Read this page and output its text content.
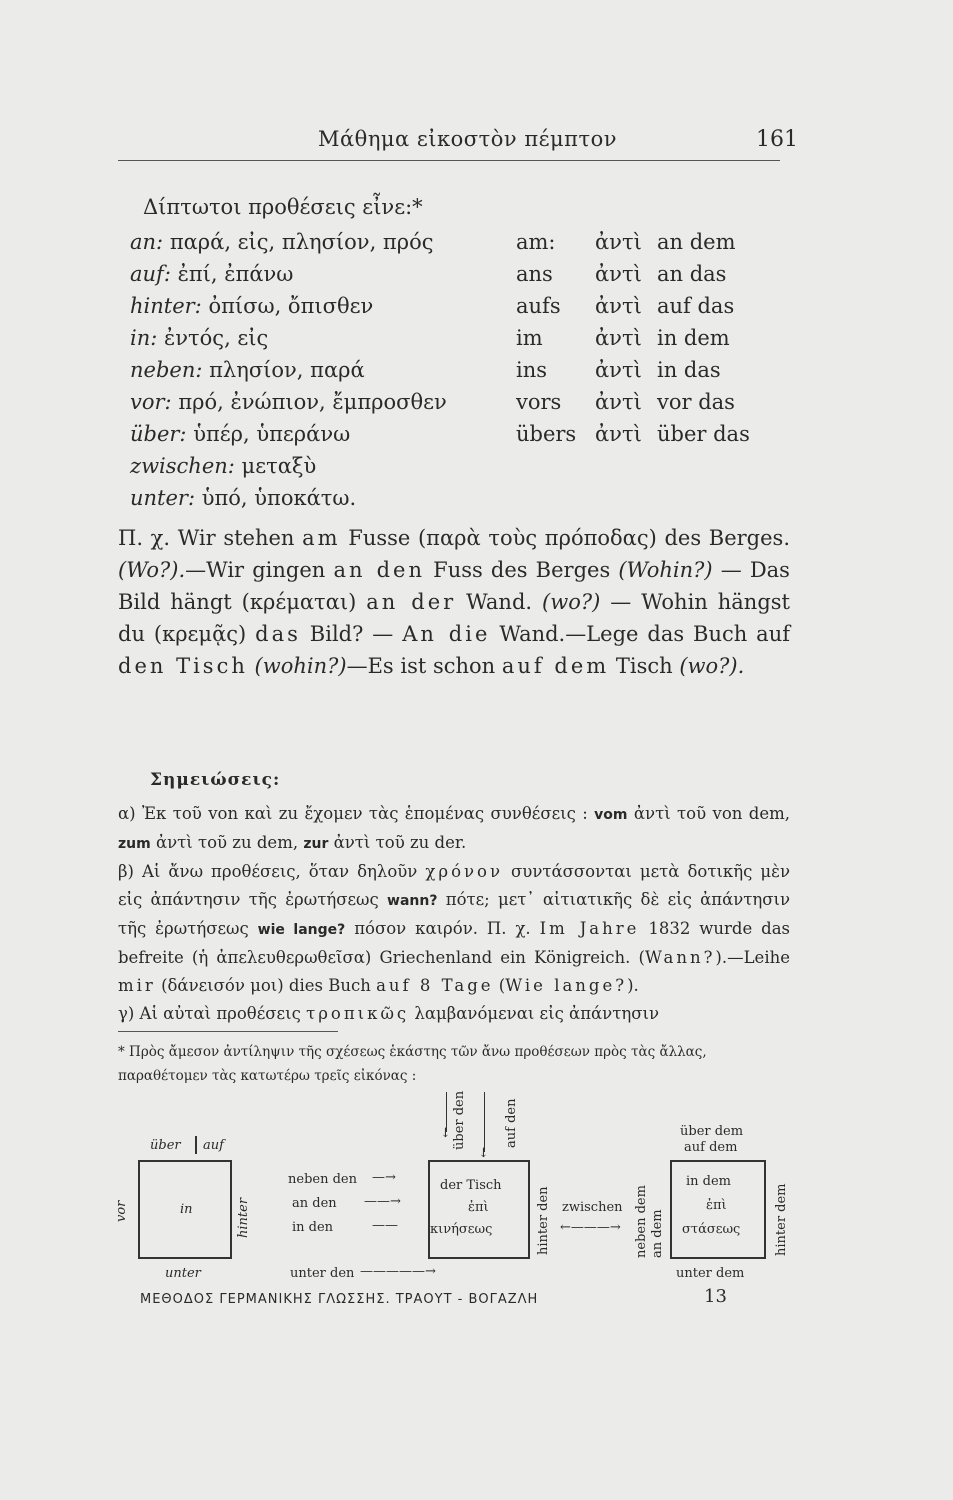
Μάθημα εἰκοστὸν πέμπτον	161
Δίπτωτοι προθέσεις εἶνε:*
an: παρά, εἰς, πλησίον, πρός	am: ἀντὶ an dem
auf: ἐπί, ἐπάνω	ans ἀντὶ an das
hinter: ὀπίσω, ὄπισθεν	aufs ἀντὶ auf das
in: ἐντός, εἰς	im ἀντὶ in dem
neben: πλησίον, παρά	ins ἀντὶ in das
vor: πρό, ἐνώπιον, ἔμπροσθεν	vors ἀντὶ vor das
über: ὑπέρ, ὑπεράνω	übers ἀντὶ über das
zwischen: μεταξὺ
unter: ὑπό, ὑποκάτω.
Π. χ. Wir stehen am Fusse (παρὰ τοὺς πρόποδας) des Berges. (Wo?).—Wir gingen an den Fuss des Berges (Wohin?) — Das Bild hängt (κρέμαται) an der Wand. (wo?) — Wohin hängst du (κρεμᾷς) das Bild? — An die Wand.—Lege das Buch auf den Tisch (wohin?)—Es ist schon auf dem Tisch (wo?).
Σημειώσεις:
α) Ἐκ τοῦ von καὶ zu ἔχομεν τὰς ἑπομένας συνθέσεις : vom ἀντὶ τοῦ von dem, zum ἀντὶ τοῦ zu dem, zur ἀντὶ τοῦ zu der.
β) Αἱ ἄνω προθέσεις, ὅταν δηλοῦν χρόνον συντάσσονται μετὰ δοτικῆς μὲν εἰς ἀπάντησιν τῆς ἐρωτήσεως wann? πότε; μετ᾽ αἰτιατικῆς δὲ εἰς ἀπάντησιν τῆς ἐρωτήσεως wie lange? πόσον καιρόν. Π. χ. Im Jahre 1832 wurde das befreite (ἡ ἀπελευθερωθεῖσα) Griechenland ein Königreich. (Wann?).—Leihe mir (δάνεισόν μοι) dies Buch auf 8 Tage (Wie lange?).
γ) Αἱ αὐταὶ προθέσεις τροπικῶς λαμβανόμεναι εἰς ἀπάντησιν
* Πρὸς ἄμεσον ἀντίληψιν τῆς σχέσεως ἑκάστης τῶν ἄνω προθέσεων πρὸς τὰς ἄλλας, παραθέτομεν τὰς κατωτέρω τρεῖς εἰκόνας :
über auf
in
vor	hinter
unter
neben den —→
an den ——→
in den	——
↓ über den
↓
auf den
der Tisch
ἐπὶ
κινήσεως	hinter den
unter den —————→
zwischen
←———→ neben dem an dem
über dem
auf dem
in dem
ἐπὶ
στάσεως	hinter dem
unter dem
ΜΕΘΟΔΟΣ ΓΕΡΜΑΝΙΚΗΣ ΓΛΩΣΣΗΣ. ΤΡΑΟΥΤ - ΒΟΓΑΖΛΗ	13
